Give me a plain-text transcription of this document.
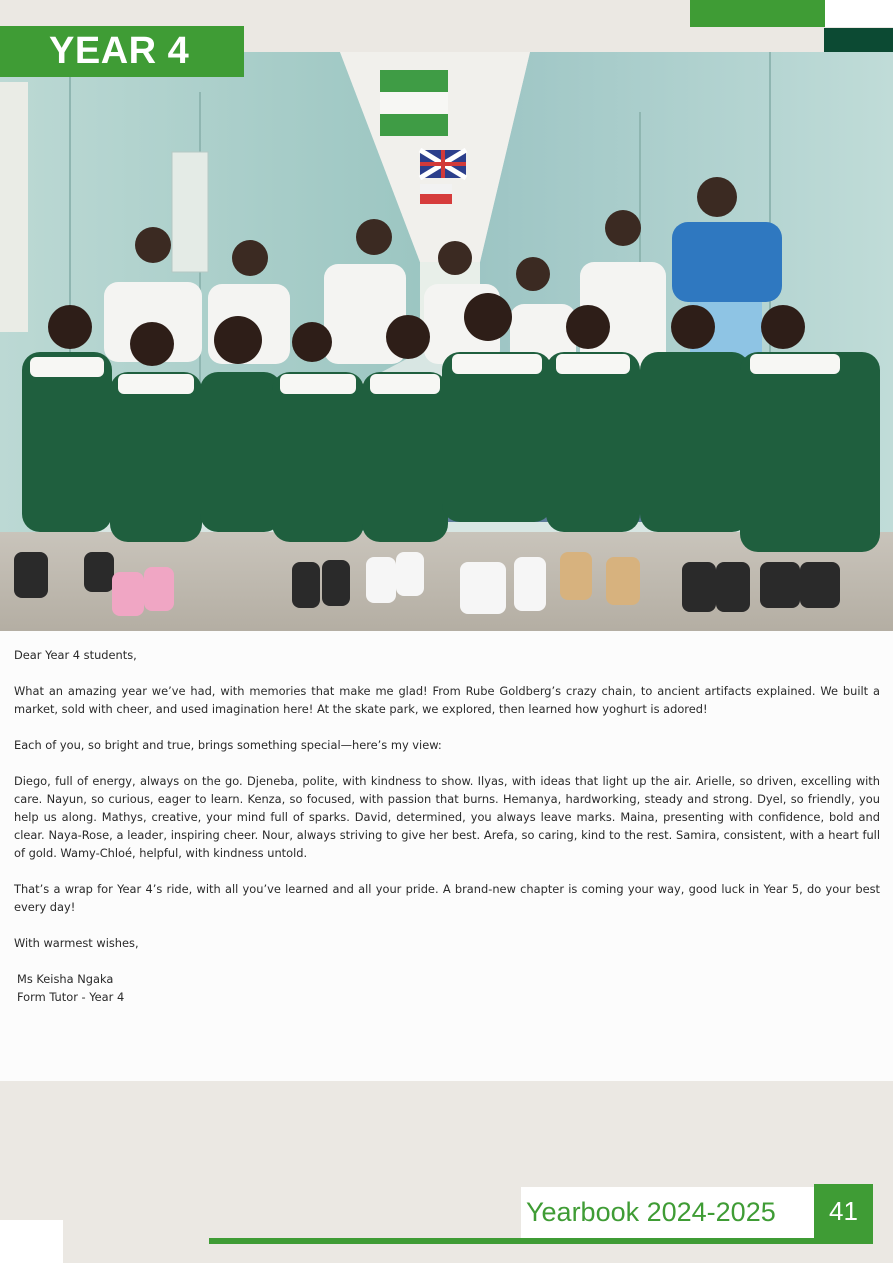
YEAR 4

Dear Year 4 students,

What an amazing year we’ve had, with memories that make me glad! From Rube Goldberg’s crazy chain, to ancient artifacts explained. We built a market, sold with cheer, and used imagination here! At the skate park, we explored, then learned how yoghurt is adored!

Each of you, so bright and true, brings something special—here’s my view:

Diego, full of energy, always on the go. Djeneba, polite, with kindness to show. Ilyas, with ideas that light up the air. Arielle, so driven, excelling with care. Nayun, so curious, eager to learn. Kenza, so focused, with passion that burns. Hemanya, hardworking, steady and strong. Dyel, so friendly, you help us along. Mathys, creative, your mind full of sparks. David, determined, you always leave marks. Maina, presenting with confidence, bold and clear. Naya-Rose, a leader, inspiring cheer. Nour, always striving to give her best. Arefa, so caring, kind to the rest. Samira, consistent, with a heart full of gold. Wamy-Chloé, helpful, with kindness untold.

That’s a wrap for Year 4’s ride, with all you’ve learned and all your pride. A brand-new chapter is coming your way, good luck in Year 5, do your best every day!

With warmest wishes,

Ms Keisha Ngaka

Form Tutor - Year 4

Yearbook 2024-2025	41
